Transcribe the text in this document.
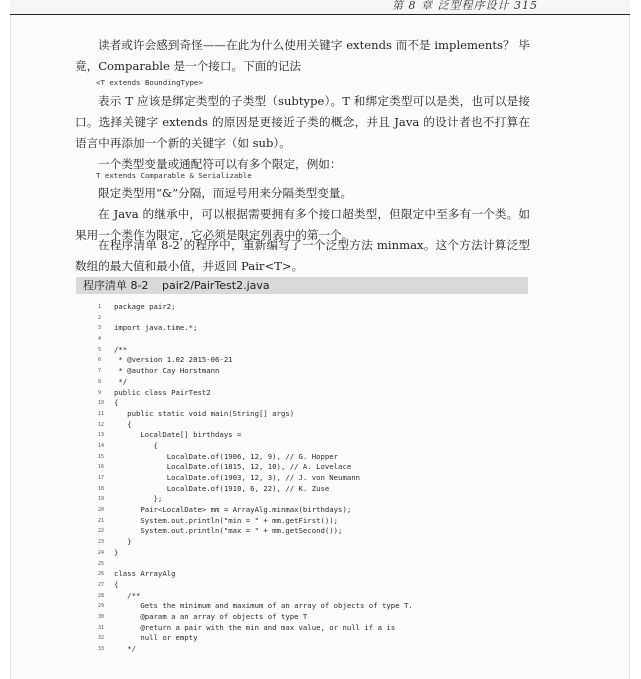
第 8 章 泛型程序设计 315

读者或许会感到奇怪——在此为什么使用关键字 extends 而不是 implements？ 毕竟，Comparable 是一个接口。下面的记法

<T extends BoundingType>

表示 T 应该是绑定类型的子类型（subtype）。T 和绑定类型可以是类，也可以是接口。选择关键字 extends 的原因是更接近子类的概念，并且 Java 的设计者也不打算在语言中再添加一个新的关键字（如 sub）。

一个类型变量或通配符可以有多个限定，例如：

T extends Comparable & Serializable

限定类型用“&”分隔，而逗号用来分隔类型变量。

在 Java 的继承中，可以根据需要拥有多个接口超类型，但限定中至多有一个类。如果用一个类作为限定，它必须是限定列表中的第一个。

在程序清单 8-2 的程序中，重新编写了一个泛型方法 minmax。这个方法计算泛型数组的最大值和最小值，并返回 Pair<T>。

程序清单 8-2 pair2/PairTest2.java
1	package pair2;
2
3	import java.time.*;
4
5	/**
6	* @version 1.02 2015-06-21
7	* @author Cay Horstmann
8	*/
9	public class PairTest2
10	{
11	public static void main(String[] args)
12	{
13	LocalDate[] birthdays =
14	{
15	LocalDate.of(1906, 12, 9), // G. Hopper
16	LocalDate.of(1815, 12, 10), // A. Lovelace
17	LocalDate.of(1903, 12, 3), // J. von Neumann
18	LocalDate.of(1910, 6, 22), // K. Zuse
19	};
20	Pair<LocalDate> mm = ArrayAlg.minmax(birthdays);
21	System.out.println("min = " + mm.getFirst());
22	System.out.println("max = " + mm.getSecond());
23	}
24	}
25
26	class ArrayAlg
27	{
28	/**
29	Gets the minimum and maximum of an array of objects of type T.
30	@param a an array of objects of type T
31	@return a pair with the min and max value, or null if a is
32	null or empty
33	*/
